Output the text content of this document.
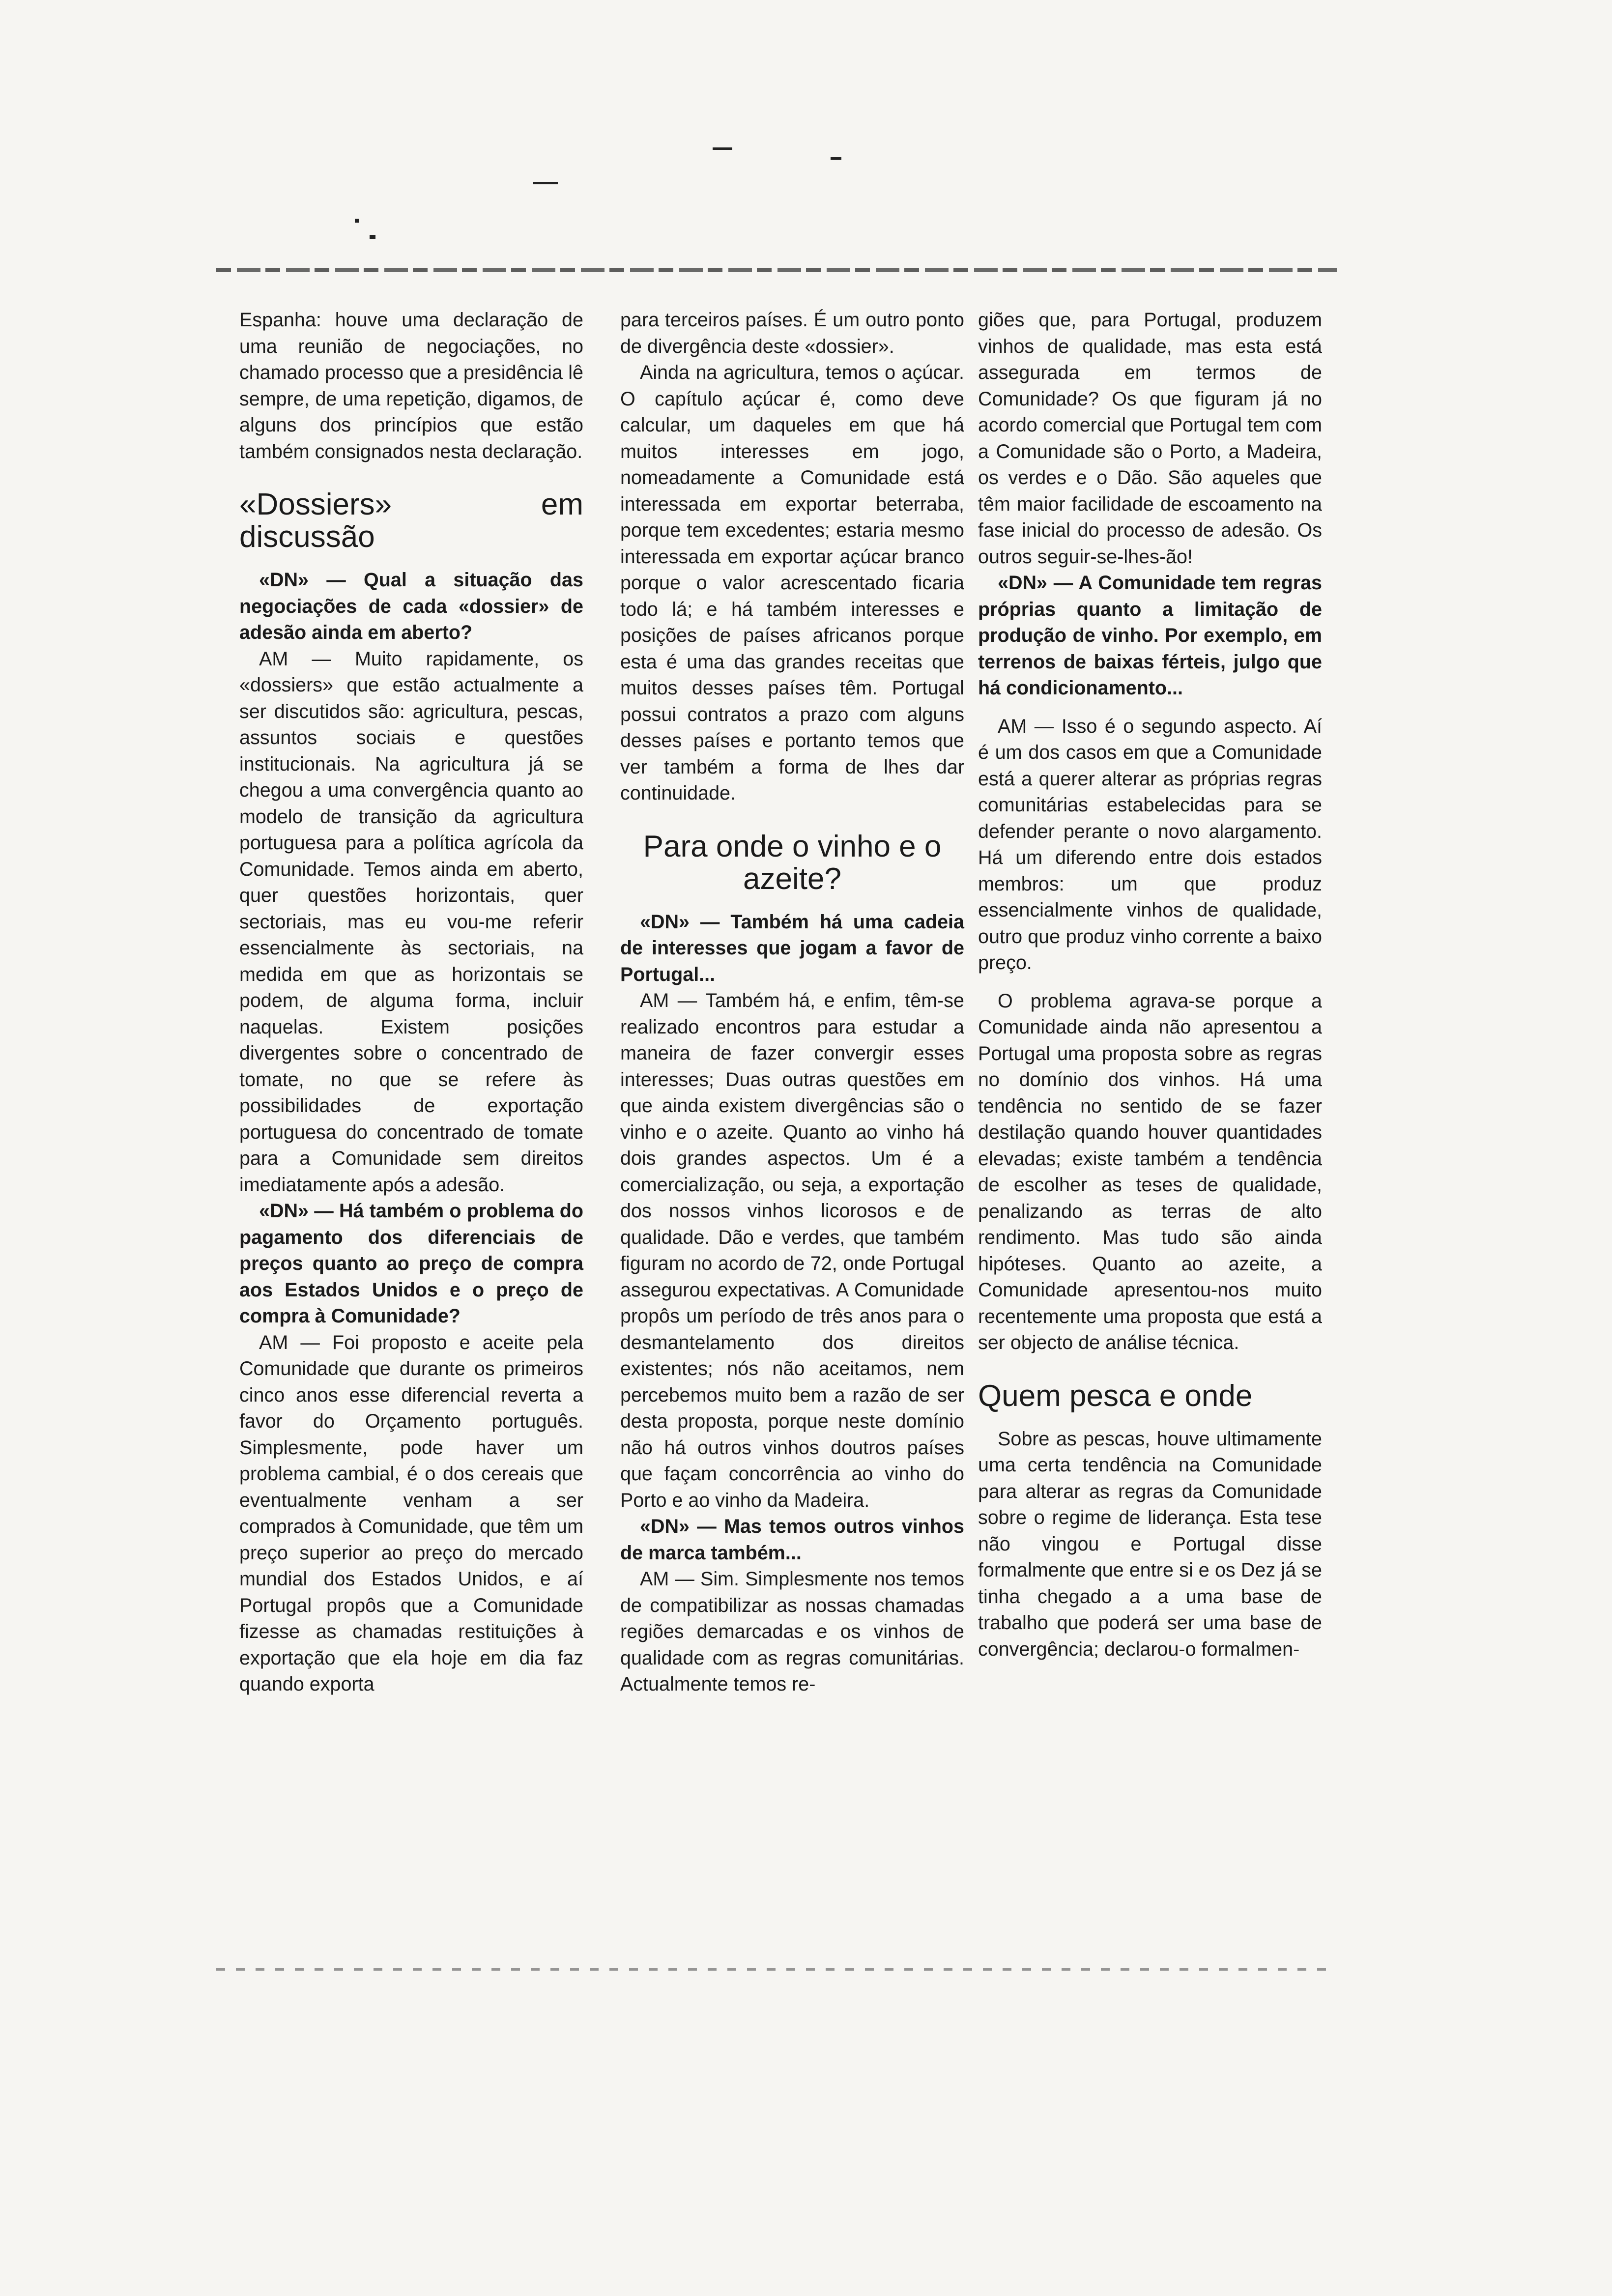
Espanha: houve uma declaração de uma reunião de negociações, no chamado processo que a presidência lê sempre, de uma repetição, digamos, de alguns dos princípios que estão também consignados nesta declaração.

«Dossiers» em discussão

«DN» — Qual a situação das negociações de cada «dossier» de adesão ainda em aberto?

AM — Muito rapidamente, os «dossiers» que estão actualmente a ser discutidos são: agricultura, pescas, assuntos sociais e questões institucionais. Na agricultura já se chegou a uma convergência quanto ao modelo de transição da agricultura portuguesa para a política agrícola da Comunidade. Temos ainda em aberto, quer questões horizontais, quer sectoriais, mas eu vou-me referir essencialmente às sectoriais, na medida em que as horizontais se podem, de alguma forma, incluir naquelas. Existem posições divergentes sobre o concentrado de tomate, no que se refere às possibilidades de exportação portuguesa do concentrado de tomate para a Comunidade sem direitos imediatamente após a adesão.

«DN» — Há também o problema do pagamento dos diferenciais de preços quanto ao preço de compra aos Estados Unidos e o preço de compra à Comunidade?

AM — Foi proposto e aceite pela Comunidade que durante os primeiros cinco anos esse diferencial reverta a favor do Orçamento português. Simplesmente, pode haver um problema cambial, é o dos cereais que eventualmente venham a ser comprados à Comunidade, que têm um preço superior ao preço do mercado mundial dos Estados Unidos, e aí Portugal propôs que a Comunidade fizesse as chamadas restituições à exportação que ela hoje em dia faz quando exporta

para terceiros países. É um outro ponto de divergência deste «dossier».

Ainda na agricultura, temos o açúcar. O capítulo açúcar é, como deve calcular, um daqueles em que há muitos interesses em jogo, nomeadamente a Comunidade está interessada em exportar beterraba, porque tem excedentes; estaria mesmo interessada em exportar açúcar branco porque o valor acrescentado ficaria todo lá; e há também interesses e posições de países africanos porque esta é uma das grandes receitas que muitos desses países têm. Portugal possui contratos a prazo com alguns desses países e portanto temos que ver também a forma de lhes dar continuidade.

Para onde o vinho e o azeite?

«DN» — Também há uma cadeia de interesses que jogam a favor de Portugal...

AM — Também há, e enfim, têm-se realizado encontros para estudar a maneira de fazer convergir esses interesses; Duas outras questões em que ainda existem divergências são o vinho e o azeite. Quanto ao vinho há dois grandes aspectos. Um é a comercialização, ou seja, a exportação dos nossos vinhos licorosos e de qualidade. Dão e verdes, que também figuram no acordo de 72, onde Portugal assegurou expectativas. A Comunidade propôs um período de três anos para o desmantelamento dos direitos existentes; nós não aceitamos, nem percebemos muito bem a razão de ser desta proposta, porque neste domínio não há outros vinhos doutros países que façam concorrência ao vinho do Porto e ao vinho da Madeira.

«DN» — Mas temos outros vinhos de marca também...

AM — Sim. Simplesmente nos temos de compatibilizar as nossas chamadas regiões demarcadas e os vinhos de qualidade com as regras comunitárias. Actualmente temos re-

giões que, para Portugal, produzem vinhos de qualidade, mas esta está assegurada em termos de Comunidade? Os que figuram já no acordo comercial que Portugal tem com a Comunidade são o Porto, a Madeira, os verdes e o Dão. São aqueles que têm maior facilidade de escoamento na fase inicial do processo de adesão. Os outros seguir-se-lhes-ão!

«DN» — A Comunidade tem regras próprias quanto a limitação de produção de vinho. Por exemplo, em terrenos de baixas férteis, julgo que há condicionamento...

AM — Isso é o segundo aspecto. Aí é um dos casos em que a Comunidade está a querer alterar as próprias regras comunitárias estabelecidas para se defender perante o novo alargamento. Há um diferendo entre dois estados membros: um que produz essencialmente vinhos de qualidade, outro que produz vinho corrente a baixo preço.

O problema agrava-se porque a Comunidade ainda não apresentou a Portugal uma proposta sobre as regras no domínio dos vinhos. Há uma tendência no sentido de se fazer destilação quando houver quantidades elevadas; existe também a tendência de escolher as teses de qualidade, penalizando as terras de alto rendimento. Mas tudo são ainda hipóteses. Quanto ao azeite, a Comunidade apresentou-nos muito recentemente uma proposta que está a ser objecto de análise técnica.

Quem pesca e onde

Sobre as pescas, houve ultimamente uma certa tendência na Comunidade para alterar as regras da Comunidade sobre o regime de liderança. Esta tese não vingou e Portugal disse formalmente que entre si e os Dez já se tinha chegado a a uma base de trabalho que poderá ser uma base de convergência; declarou-o formalmen-
